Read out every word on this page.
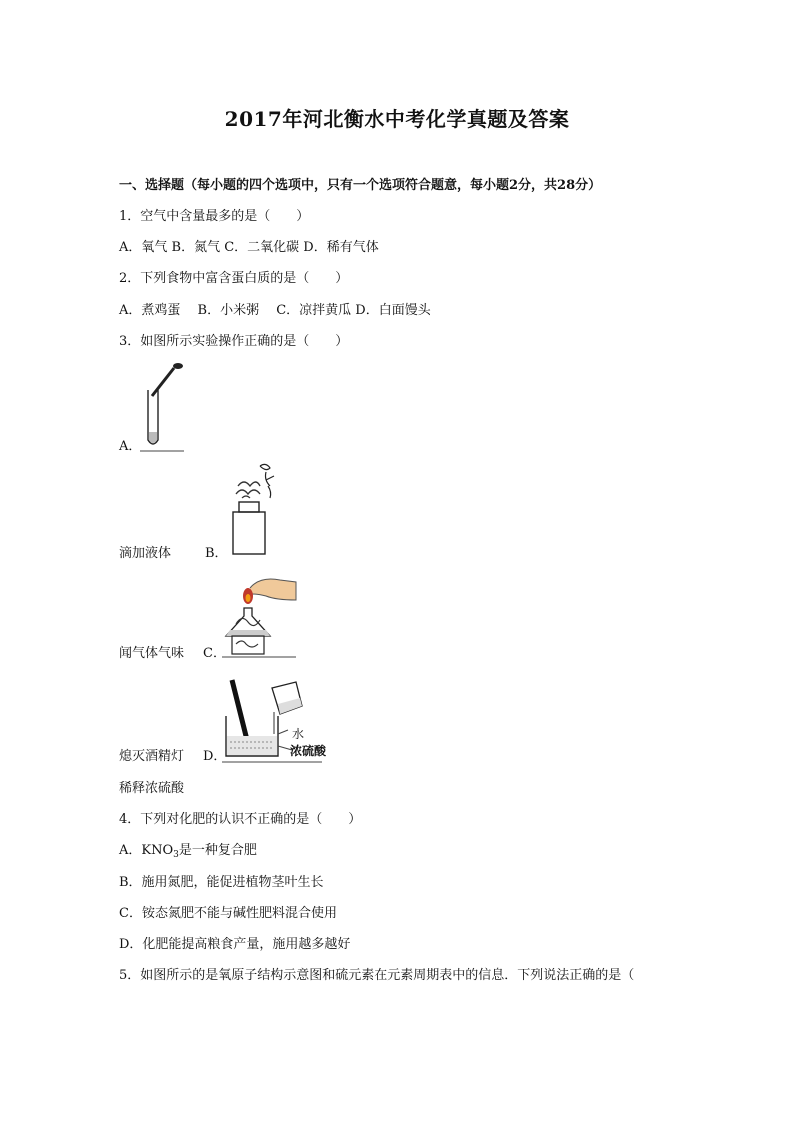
2017年河北衡水中考化学真题及答案
一、选择题（每小题的四个选项中，只有一个选项符合题意，每小题2分，共28分）
1．空气中含量最多的是（　　）
A．氧气 B．氮气 C．二氧化碳 D．稀有气体
2．下列食物中富含蛋白质的是（　　）
A．煮鸡蛋　 B．小米粥　 C．凉拌黄瓜 D．白面馒头
3．如图所示实验操作正确的是（　　）
A．
滴加液体	B．
闻气体气味 C．
熄灭酒精灯 D．
水
浓硫酸
稀释浓硫酸
4．下列对化肥的认识不正确的是（　　）
A．$KNO_3$是一种复合肥
B．施用氮肥，能促进植物茎叶生长
C．铵态氮肥不能与碱性肥料混合使用
D．化肥能提高粮食产量，施用越多越好
5．如图所示的是氧原子结构示意图和硫元素在元素周期表中的信息．下列说法正确的是（
